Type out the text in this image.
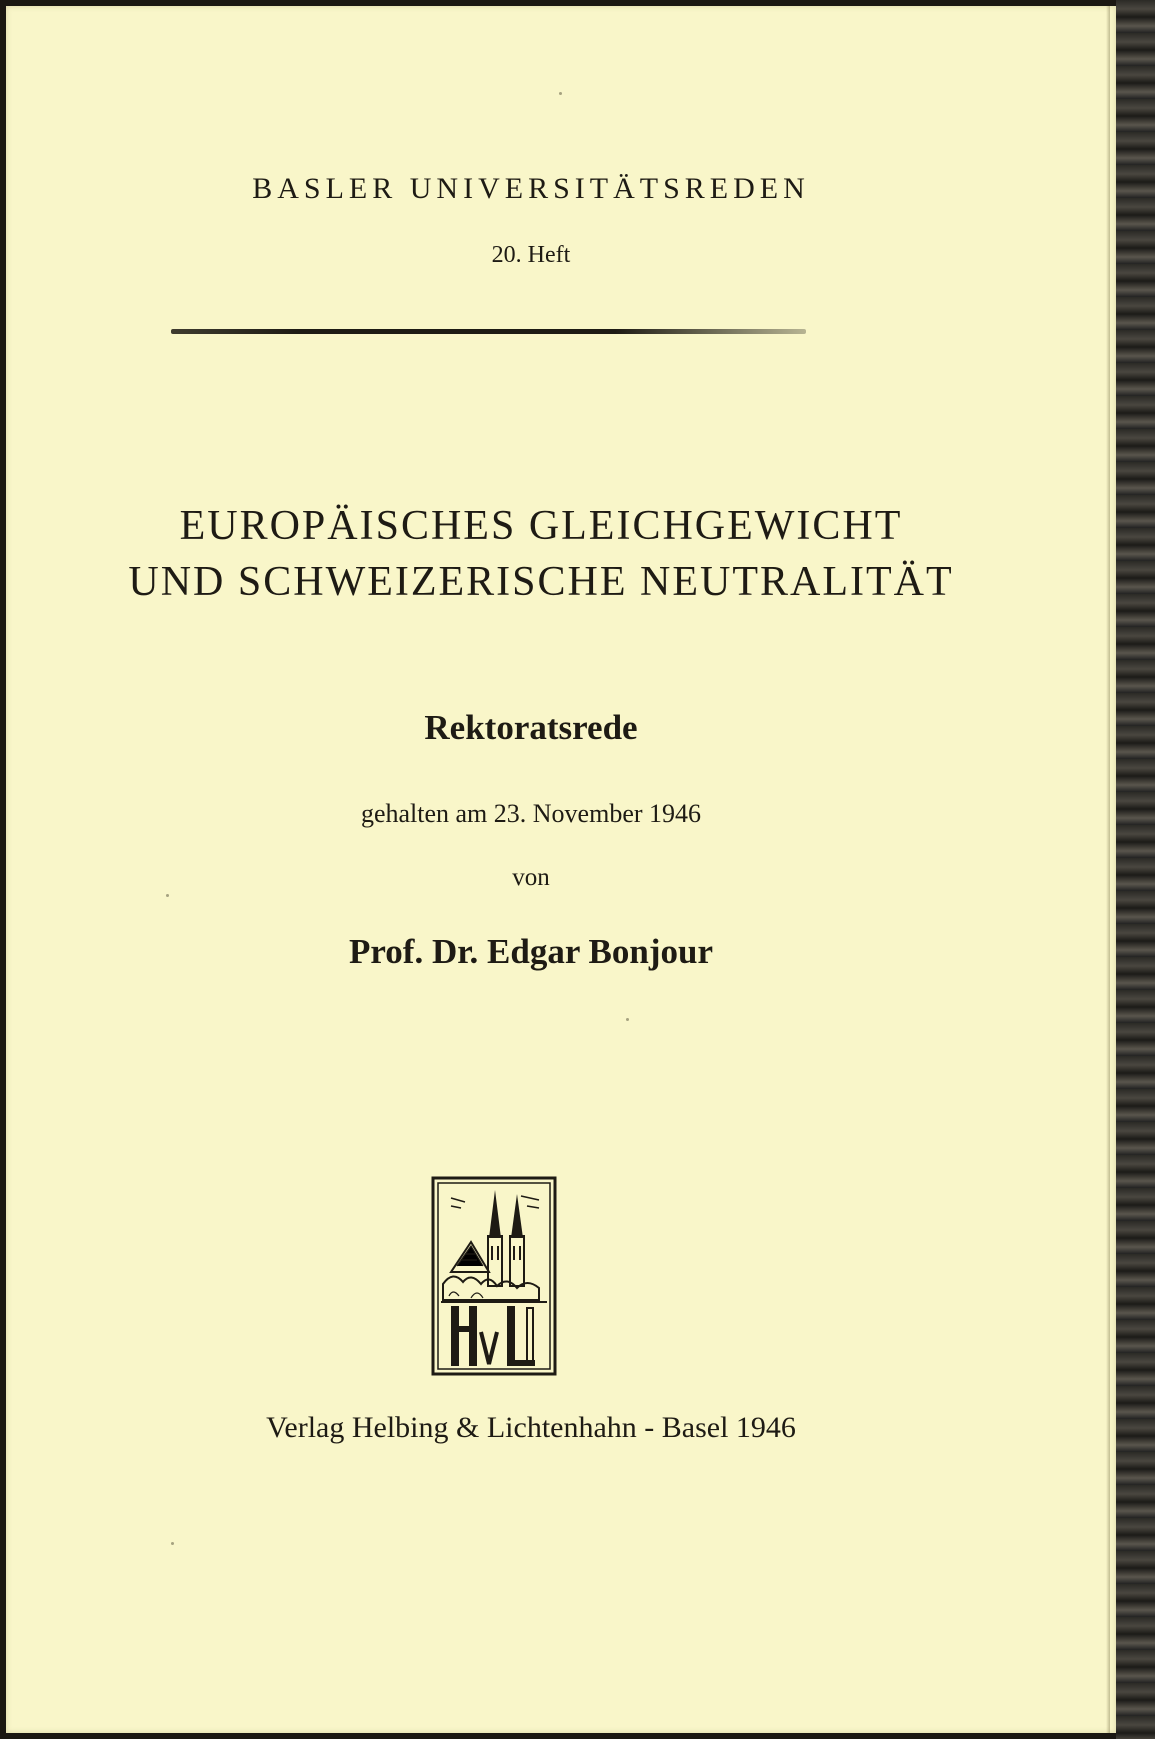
BASLER UNIVERSITÄTSREDEN
20. Heft
EUROPÄISCHES GLEICHGEWICHT
UND SCHWEIZERISCHE NEUTRALITÄT
Rektoratsrede
gehalten am 23. November 1946
von
Prof. Dr. Edgar Bonjour
Verlag Helbing & Lichtenhahn - Basel 1946
